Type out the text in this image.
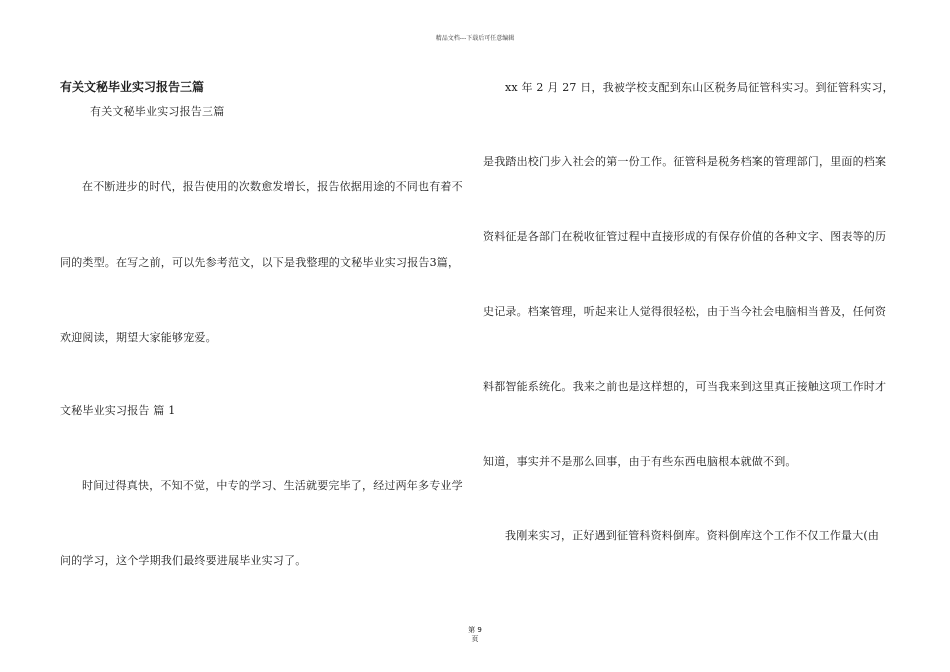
精品文档---下载后可任意编辑
有关文秘毕业实习报告三篇
有关文秘毕业实习报告三篇
在不断进步的时代，报告使用的次数愈发增长，报告依据用途的不同也有着不
同的类型。在写之前，可以先参考范文，以下是我整理的文秘毕业实习报告3篇，
欢迎阅读，期望大家能够宠爱。
文秘毕业实习报告 篇 1
时间过得真快，不知不觉，中专的学习、生活就要完毕了，经过两年多专业学
问的学习，这个学期我们最终要进展毕业实习了。
xx 年 2 月 27 日，我被学校支配到东山区税务局征管科实习。到征管科实习，
是我踏出校门步入社会的第一份工作。征管科是税务档案的管理部门，里面的档案
资料征是各部门在税收征管过程中直接形成的有保存价值的各种文字、图表等的历
史记录。档案管理，听起来让人觉得很轻松，由于当今社会电脑相当普及，任何资
料都智能系统化。我来之前也是这样想的，可当我来到这里真正接触这项工作时才
知道，事实并不是那么回事，由于有些东西电脑根本就做不到。
我刚来实习，正好遇到征管科资料倒库。资料倒库这个工作不仅工作量大(由
第 9
页
